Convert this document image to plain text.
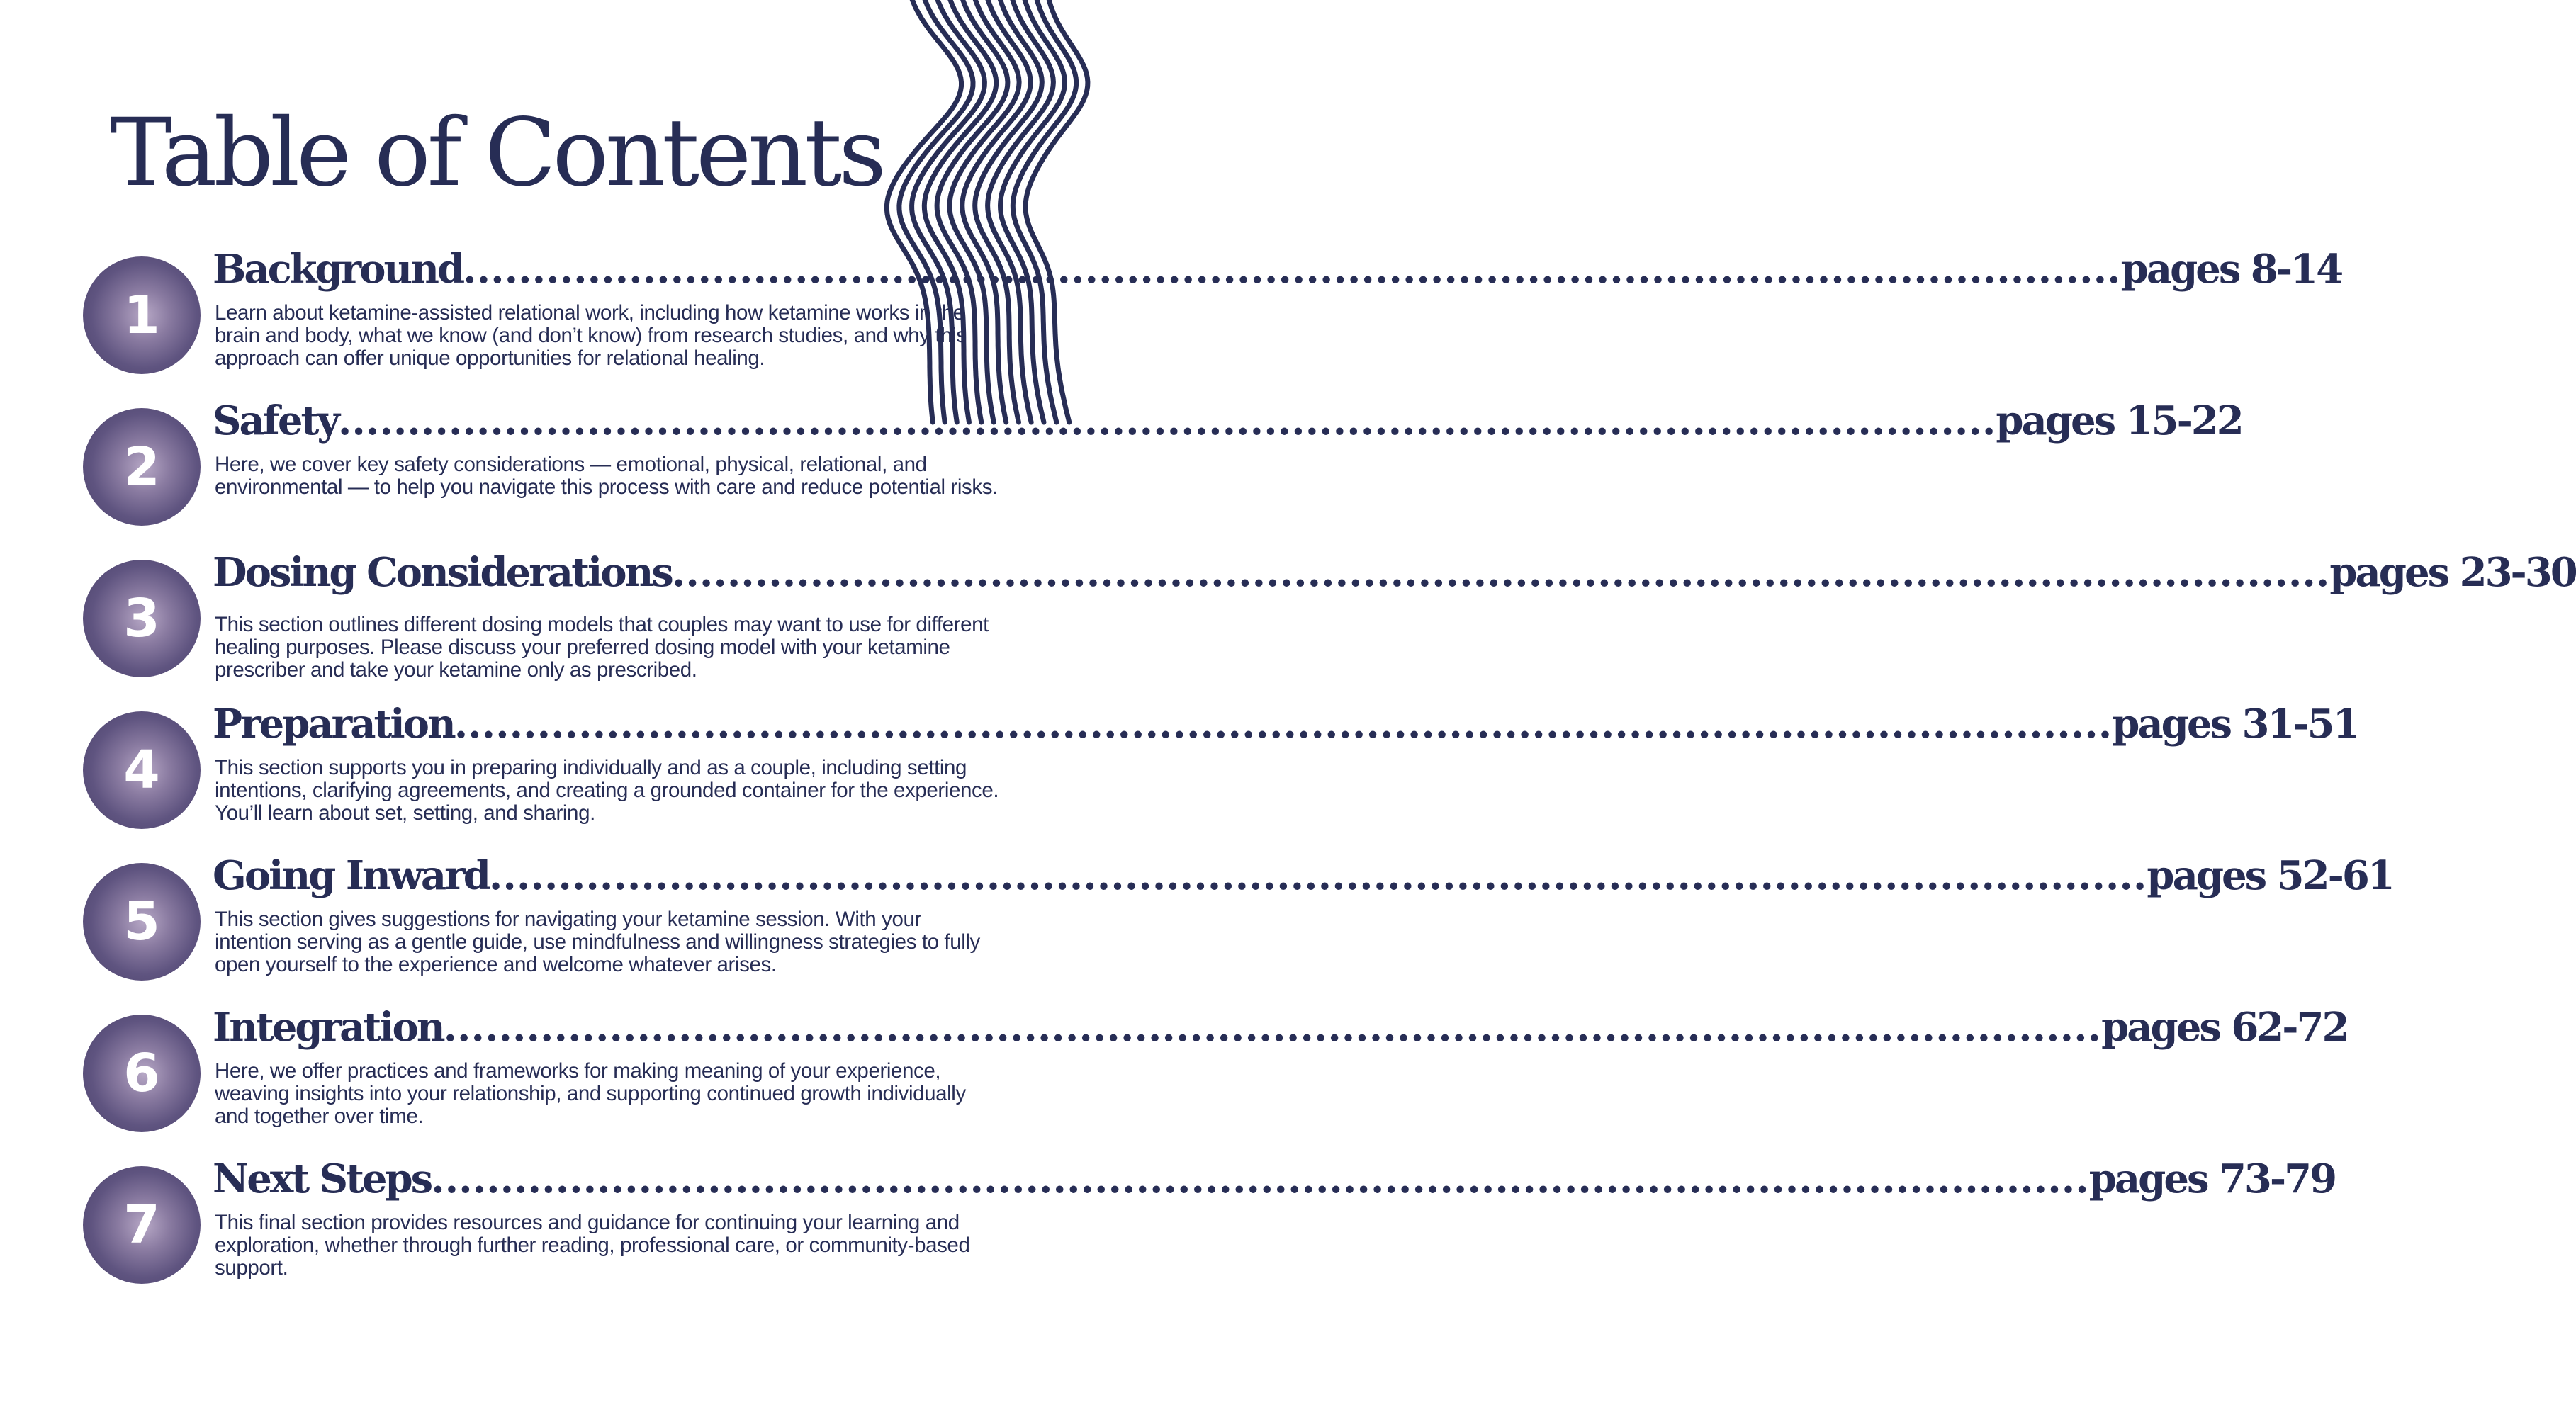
Table of Contents
1
Background ........................................................................................................................ pages 8-14

Learn about ketamine-assisted relational work, including how ketamine works in the brain and body, what we know (and don’t know) from research studies, and why this approach can offer unique opportunities for relational healing.

2
Safety ........................................................................................................................ pages 15-22

Here, we cover key safety considerations — emotional, physical, relational, and environmental — to help you navigate this process with care and reduce potential risks.

3
Dosing Considerations ........................................................................................................................ pages 23-30

This section outlines different dosing models that couples may want to use for different healing purposes. Please discuss your preferred dosing model with your ketamine prescriber and take your ketamine only as prescribed.

4
Preparation ........................................................................................................................ pages 31-51

This section supports you in preparing individually and as a couple, including setting intentions, clarifying agreements, and creating a grounded container for the experience. You’ll learn about set, setting, and sharing.

5
Going Inward ........................................................................................................................ pages 52-61

This section gives suggestions for navigating your ketamine session. With your intention serving as a gentle guide, use mindfulness and willingness strategies to fully open yourself to the experience and welcome whatever arises.

6
Integration ........................................................................................................................ pages 62-72

Here, we offer practices and frameworks for making meaning of your experience, weaving insights into your relationship, and supporting continued growth individually and together over time.

7
Next Steps ........................................................................................................................ pages 73-79

This final section provides resources and guidance for continuing your learning and exploration, whether through further reading, professional care, or community-based support.
